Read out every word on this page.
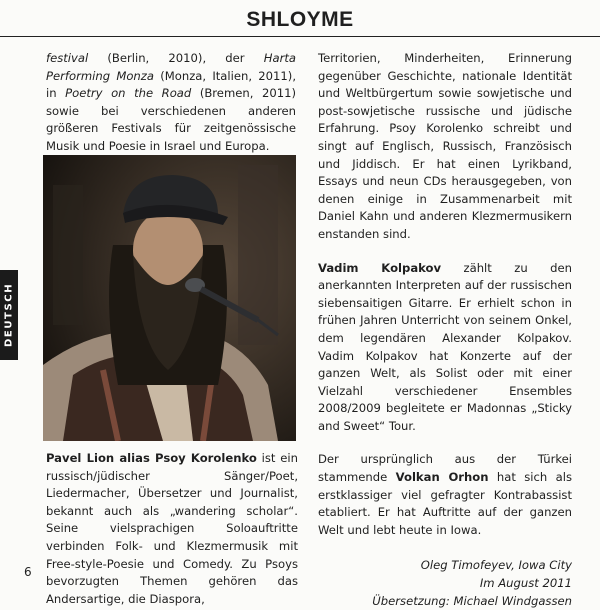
SHLOYME
DEUTSCH

festival (Berlin, 2010), der Harta Performing Monza (Monza, Italien, 2011), in Poetry on the Road (Bremen, 2011) sowie bei verschiedenen anderen größeren Festivals für zeitgenössische Musik und Poesie in Israel und Europa.

Pavel Lion alias Psoy Korolenko ist ein russisch/jüdischer Sänger/Poet, Liedermacher, Übersetzer und Journalist, bekannt auch als „wandering scholar“. Seine vielsprachigen Soloauftritte verbinden Folk- und Klezmermusik mit Free-style-Poesie und Comedy. Zu Psoys bevorzugten Themen gehören das Andersartige, die Diaspora,

Territorien, Minderheiten, Erinnerung gegenüber Geschichte, nationale Identität und Weltbürgertum sowie sowjetische und post-sowjetische russische und jüdische Erfahrung. Psoy Korolenko schreibt und singt auf Englisch, Russisch, Französisch und Jiddisch. Er hat einen Lyrikband, Essays und neun CDs herausgegeben, von denen einige in Zusammenarbeit mit Daniel Kahn und anderen Klezmermusikern enstanden sind.

Vadim Kolpakov zählt zu den anerkannten Interpreten auf der russischen siebensaitigen Gitarre. Er erhielt schon in frühen Jahren Unterricht von seinem Onkel, dem legendären Alexander Kolpakov. Vadim Kolpakov hat Konzerte auf der ganzen Welt, als Solist oder mit einer Vielzahl verschiedener Ensembles 2008/2009 begleitete er Madonnas „Sticky and Sweet“ Tour.

Der ursprünglich aus der Türkei stammende Volkan Orhon hat sich als erstklassiger viel gefragter Kontrabassist etabliert. Er hat Auftritte auf der ganzen Welt und lebt heute in Iowa.

Oleg Timofeyev, Iowa City
Im August 2011
Übersetzung: Michael Windgassen
6
